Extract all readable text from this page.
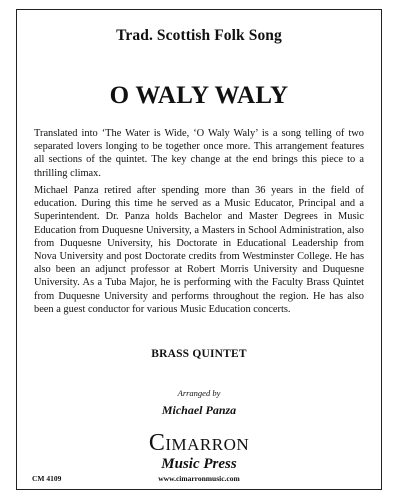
Trad. Scottish Folk Song
O WALY WALY
Translated into ‘The Water is Wide, ‘O Waly Waly’ is a song telling of two separated lovers longing to be together once more. This arrangement features all sections of the quintet. The key change at the end brings this piece to a thrilling climax.
Michael Panza retired after spending more than 36 years in the field of education. During this time he served as a Music Educator, Principal and a Superintendent. Dr. Panza holds Bachelor and Master Degrees in Music Education from Duquesne University, a Masters in School Administration, also from Duquesne University, his Doctorate in Educational Leadership from Nova University and post Doctorate credits from Westminster College. He has also been an adjunct professor at Robert Morris University and Duquesne University. As a Tuba Major, he is performing with the Faculty Brass Quintet from Duquesne University and performs throughout the region. He has also been a guest conductor for various Music Education concerts.
BRASS QUINTET
Arranged by
Michael Panza
CIMARRON
Music Press
CM 4109	www.cimarronmusic.com
